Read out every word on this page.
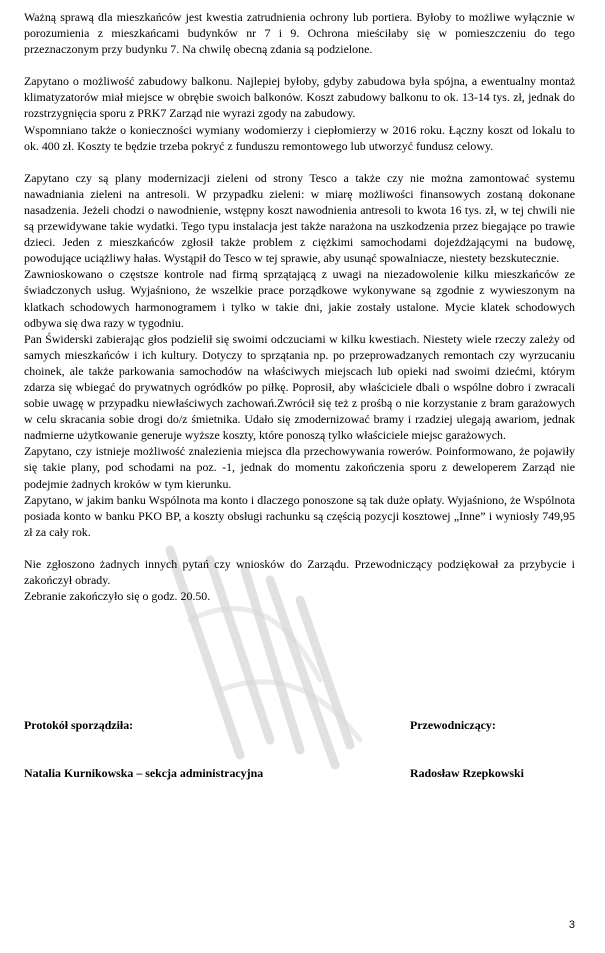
Ważną sprawą dla mieszkańców jest kwestia zatrudnienia ochrony lub portiera. Byłoby to możliwe wyłącznie w porozumienia z mieszkańcami budynków nr 7 i 9. Ochrona mieściłaby się w pomieszczeniu do tego przeznaczonym przy budynku 7. Na chwilę obecną zdania są podzielone.

Zapytano o możliwość zabudowy balkonu. Najlepiej byłoby, gdyby zabudowa była spójna, a ewentualny montaż klimatyzatorów miał miejsce w obrębie swoich balkonów. Koszt zabudowy balkonu to ok. 13-14 tys. zł, jednak do rozstrzygnięcia sporu z PRK7 Zarząd nie wyrazi zgody na zabudowy.

Wspomniano także o konieczności wymiany wodomierzy i ciepłomierzy w 2016 roku. Łączny koszt od lokalu to ok. 400 zł. Koszty te będzie trzeba pokryć z funduszu remontowego lub utworzyć fundusz celowy.

Zapytano czy są plany modernizacji zieleni od strony Tesco a także czy nie można zamontować systemu nawadniania zieleni na antresoli. W przypadku zieleni: w miarę możliwości finansowych zostaną dokonane nasadzenia. Jeżeli chodzi o nawodnienie, wstępny koszt nawodnienia antresoli to kwota 16 tys. zł, w tej chwili nie są przewidywane takie wydatki. Tego typu instalacja jest także narażona na uszkodzenia przez biegające po trawie dzieci. Jeden z mieszkańców zgłosił także problem z ciężkimi samochodami dojeżdżającymi na budowę, powodujące uciążliwy hałas. Wystąpił do Tesco w tej sprawie, aby usunąć spowalniacze, niestety bezskutecznie.

Zawnioskowano o częstsze kontrole nad firmą sprzątającą z uwagi na niezadowolenie kilku mieszkańców ze świadczonych usług. Wyjaśniono, że wszelkie prace porządkowe wykonywane są zgodnie z wywieszonym na klatkach schodowych harmonogramem i tylko w takie dni, jakie zostały ustalone. Mycie klatek schodowych odbywa się dwa razy w tygodniu.

Pan Świderski zabierając głos podzielił się swoimi odczuciami w kilku kwestiach. Niestety wiele rzeczy zależy od samych mieszkańców i ich kultury. Dotyczy to sprzątania np. po przeprowadzanych remontach czy wyrzucaniu choinek, ale także parkowania samochodów na właściwych miejscach lub opieki nad swoimi dziećmi, którym zdarza się wbiegać do prywatnych ogródków po piłkę. Poprosił, aby właściciele dbali o wspólne dobro i zwracali sobie uwagę w przypadku niewłaściwych zachowań.Zwrócił się też z prośbą o nie korzystanie z bram garażowych w celu skracania sobie drogi do/z śmietnika. Udało się zmodernizować bramy i rzadziej ulegają awariom, jednak nadmierne użytkowanie generuje wyższe koszty, które ponoszą tylko właściciele miejsc garażowych.

Zapytano, czy istnieje możliwość znalezienia miejsca dla przechowywania rowerów. Poinformowano, że pojawiły się takie plany, pod schodami na poz. -1, jednak do momentu zakończenia sporu z deweloperem Zarząd nie podejmie żadnych kroków w tym kierunku.

Zapytano, w jakim banku Wspólnota ma konto i dlaczego ponoszone są tak duże opłaty. Wyjaśniono, że Wspólnota posiada konto w banku PKO BP, a koszty obsługi rachunku są częścią pozycji kosztowej „Inne” i wyniosły 749,95 zł za cały rok.

Nie zgłoszono żadnych innych pytań czy wniosków do Zarządu. Przewodniczący podziękował za przybycie i zakończył obrady.

Zebranie zakończyło się o godz. 20.50.

Protokół sporządziła:	Przewodniczący:
Natalia Kurnikowska – sekcja administracyjna	Radosław Rzepkowski
3
